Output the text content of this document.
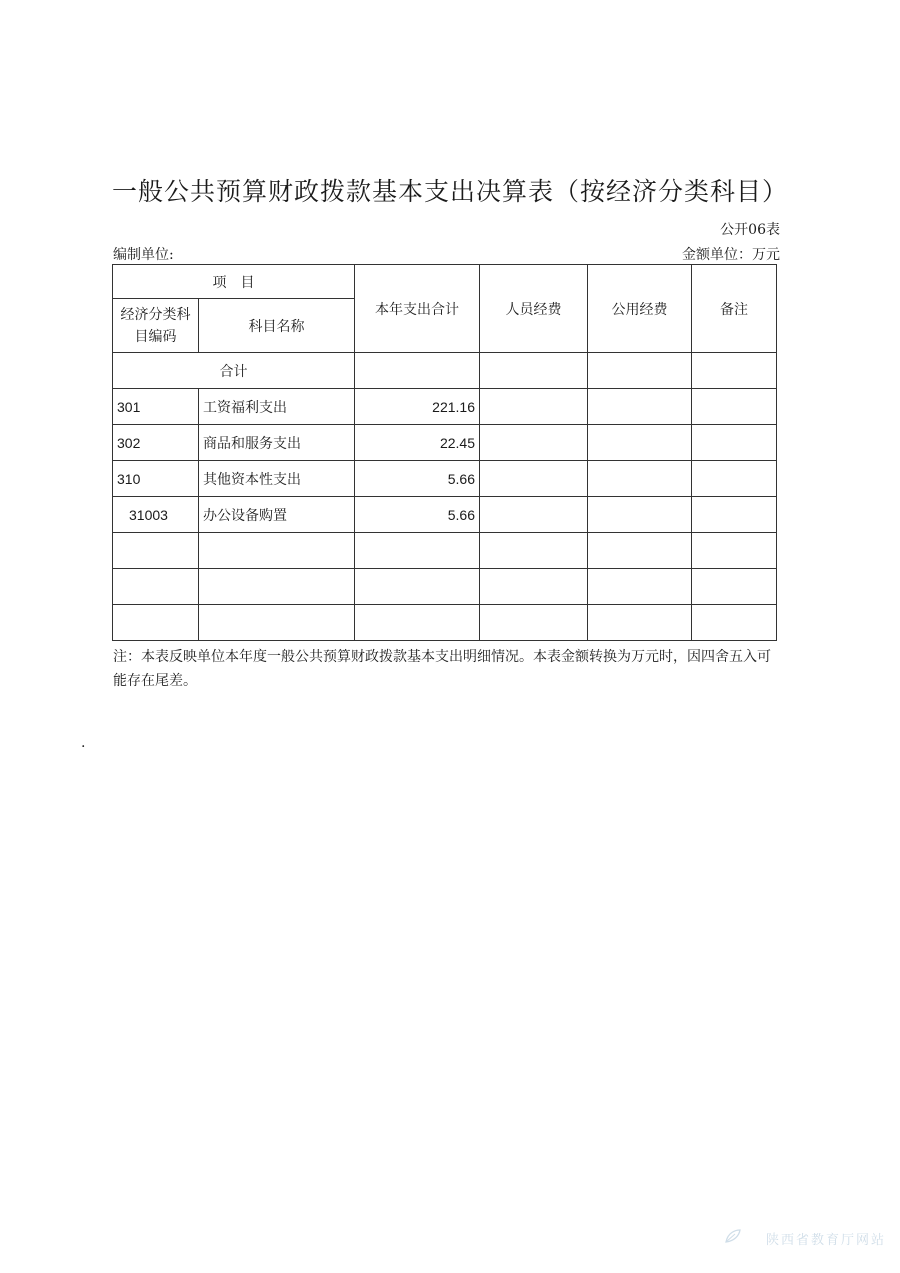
一般公共预算财政拨款基本支出决算表（按经济分类科目）
公开06表
编制单位:	金额单位：万元
项　目		本年支出合计	人员经费	公用经费	备注
经济分类科目编码	科目名称				
合计					
301	工资福利支出	221.16			
302	商品和服务支出	22.45			
310	其他资本性支出	5.66			
31003	办公设备购置	5.66			

注：本表反映单位本年度一般公共预算财政拨款基本支出明细情况。本表金额转换为万元时，因四舍五入可能存在尾差。
.
陕西省教育厅网站
